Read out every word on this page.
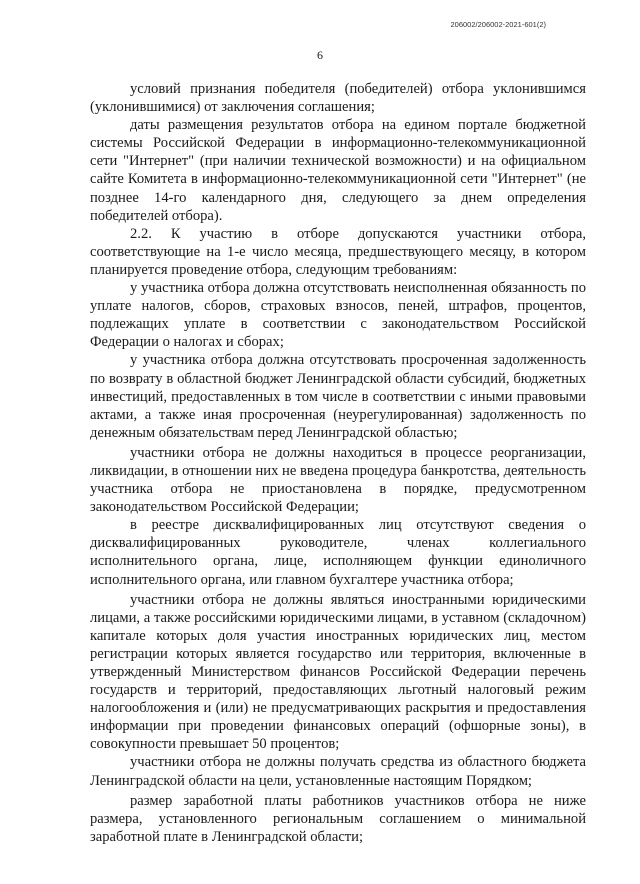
206002/206002-2021-601(2)
6

условий признания победителя (победителей) отбора уклонившимся (уклонившимися) от заключения соглашения;

даты размещения результатов отбора на едином портале бюджетной системы Российской Федерации в информационно-телекоммуникационной сети "Интернет" (при наличии технической возможности) и на официальном сайте Комитета в информационно-телекоммуникационной сети "Интернет" (не позднее 14-го календарного дня, следующего за днем определения победителей отбора).

2.2. К участию в отборе допускаются участники отбора, соответствующие на 1-е число месяца, предшествующего месяцу, в котором планируется проведение отбора, следующим требованиям:

у участника отбора должна отсутствовать неисполненная обязанность по уплате налогов, сборов, страховых взносов, пеней, штрафов, процентов, подлежащих уплате в соответствии с законодательством Российской Федерации о налогах и сборах;

у участника отбора должна отсутствовать просроченная задолженность по возврату в областной бюджет Ленинградской области субсидий, бюджетных инвестиций, предоставленных в том числе в соответствии с иными правовыми актами, а также иная просроченная (неурегулированная) задолженность по денежным обязательствам перед Ленинградской областью;

участники отбора не должны находиться в процессе реорганизации, ликвидации, в отношении них не введена процедура банкротства, деятельность участника отбора не приостановлена в порядке, предусмотренном законодательством Российской Федерации;

в реестре дисквалифицированных лиц отсутствуют сведения о дисквалифицированных руководителе, членах коллегиального исполнительного органа, лице, исполняющем функции единоличного исполнительного органа, или главном бухгалтере участника отбора;

участники отбора не должны являться иностранными юридическими лицами, а также российскими юридическими лицами, в уставном (складочном) капитале которых доля участия иностранных юридических лиц, местом регистрации которых является государство или территория, включенные в утвержденный Министерством финансов Российской Федерации перечень государств и территорий, предоставляющих льготный налоговый режим налогообложения и (или) не предусматривающих раскрытия и предоставления информации при проведении финансовых операций (офшорные зоны), в совокупности превышает 50 процентов;

участники отбора не должны получать средства из областного бюджета Ленинградской области на цели, установленные настоящим Порядком;

размер заработной платы работников участников отбора не ниже размера, установленного региональным соглашением о минимальной заработной плате в Ленинградской области;
